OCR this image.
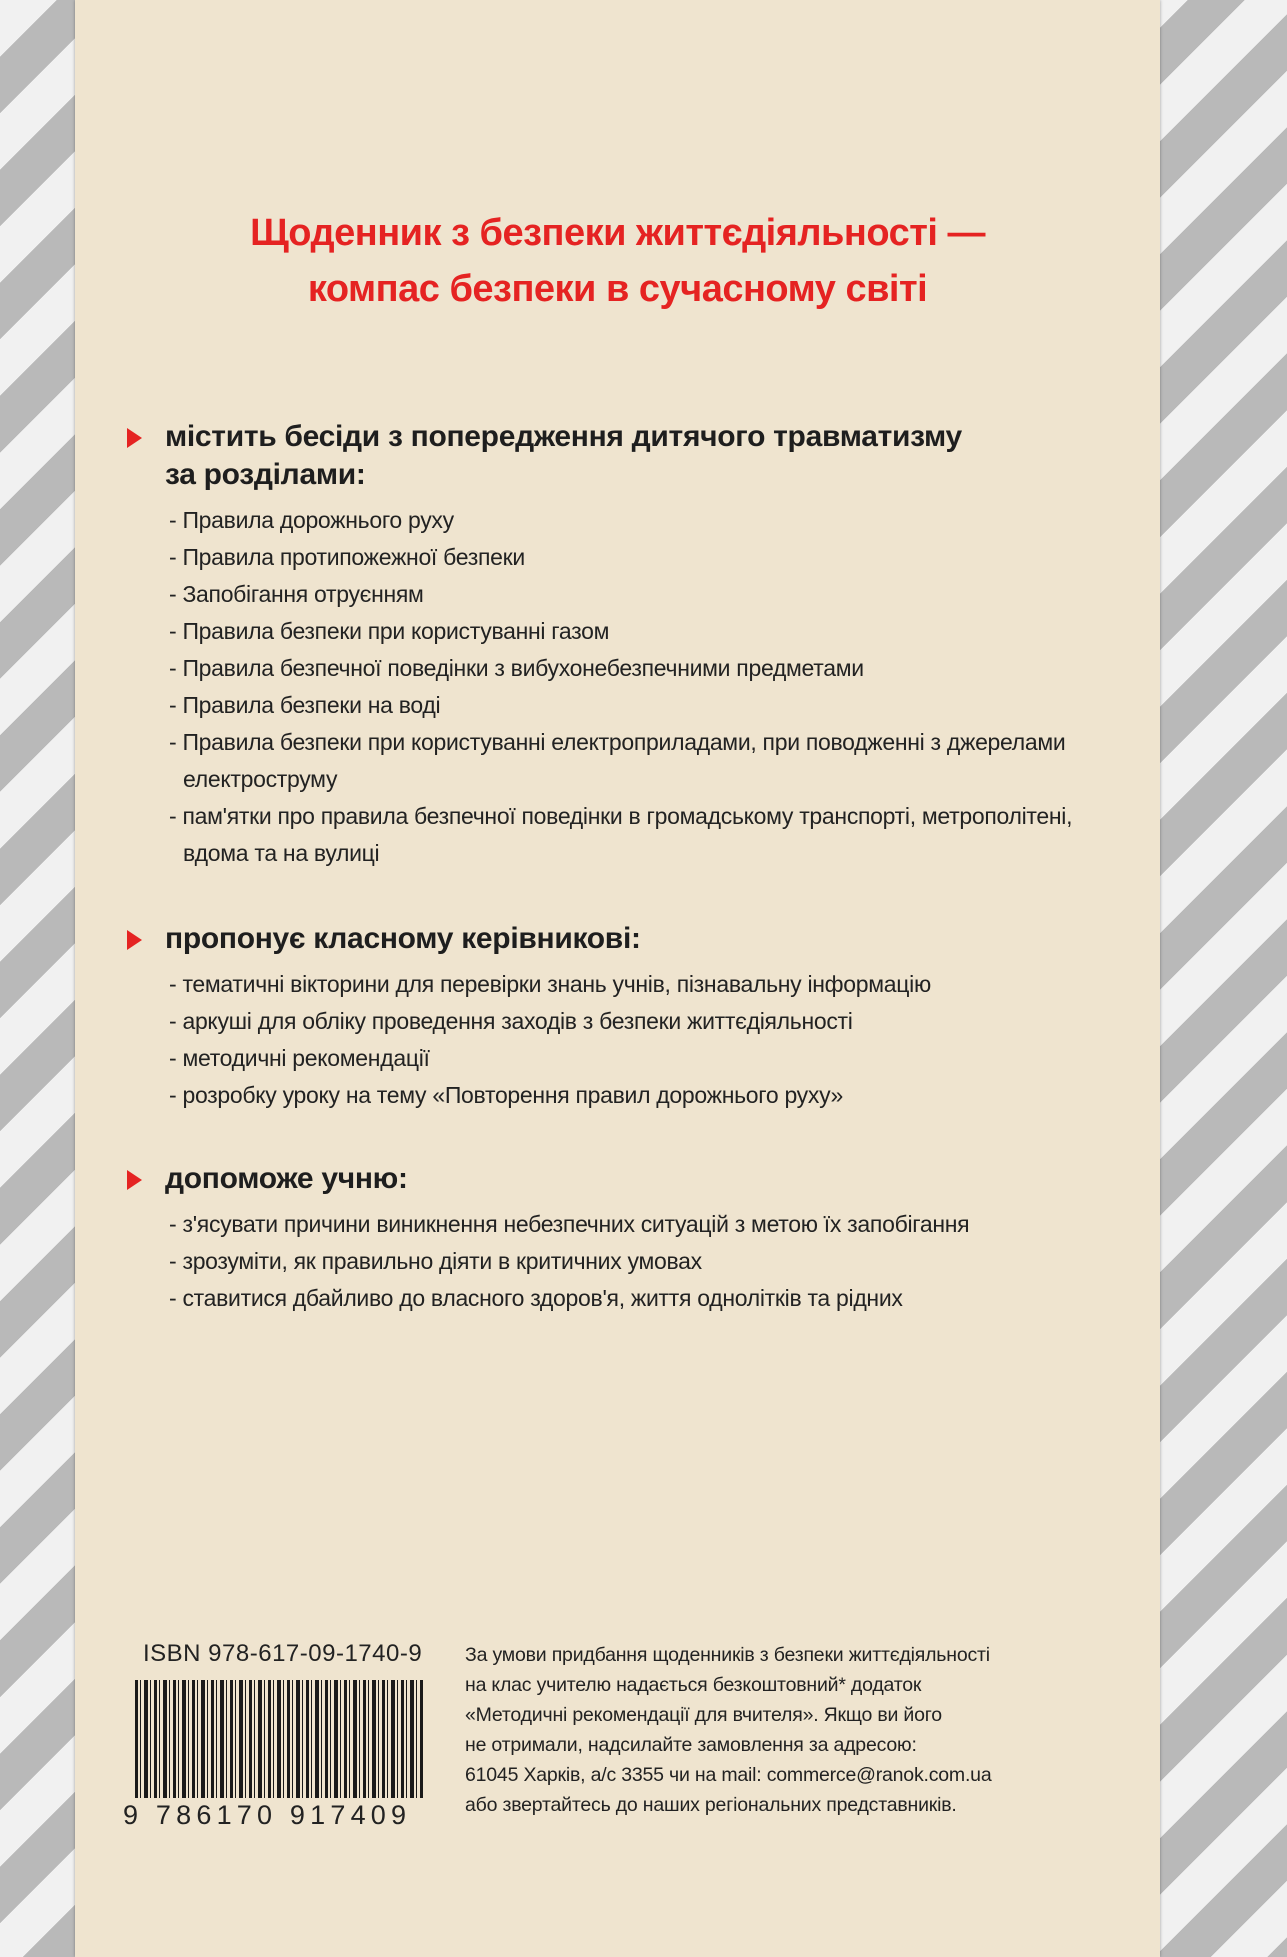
Щоденник з безпеки життєдіяльності —
компас безпеки в сучасному світі
містить бесіди з попередження дитячого травматизму
за розділами:
- Правила дорожнього руху
- Правила протипожежної безпеки
- Запобігання отруєнням
- Правила безпеки при користуванні газом
- Правила безпечної поведінки з вибухонебезпечними предметами
- Правила безпеки на воді
- Правила безпеки при користуванні електроприладами, при поводженні з джерелами електроструму
- пам'ятки про правила безпечної поведінки в громадському транспорті, метрополітені, вдома та на вулиці
пропонує класному керівникові:
- тематичні вікторини для перевірки знань учнів, пізнавальну інформацію
- аркуші для обліку проведення заходів з безпеки життєдіяльності
- методичні рекомендації
- розробку уроку на тему «Повторення правил дорожнього руху»
допоможе учню:
- з'ясувати причини виникнення небезпечних ситуацій з метою їх запобігання
- зрозуміти, як правильно діяти в критичних умовах
- ставитися дбайливо до власного здоров'я, життя однолітків та рідних
ISBN 978-617-09-1740-9
9 786170 917409
За умови придбання щоденників з безпеки життєдіяльності
на клас учителю надається безкоштовний* додаток
«Методичні рекомендації для вчителя». Якщо ви його
не отримали, надсилайте замовлення за адресою:
61045 Харків, а/с 3355 чи на mail: commerce@ranok.com.ua
або звертайтесь до наших регіональних представників.
